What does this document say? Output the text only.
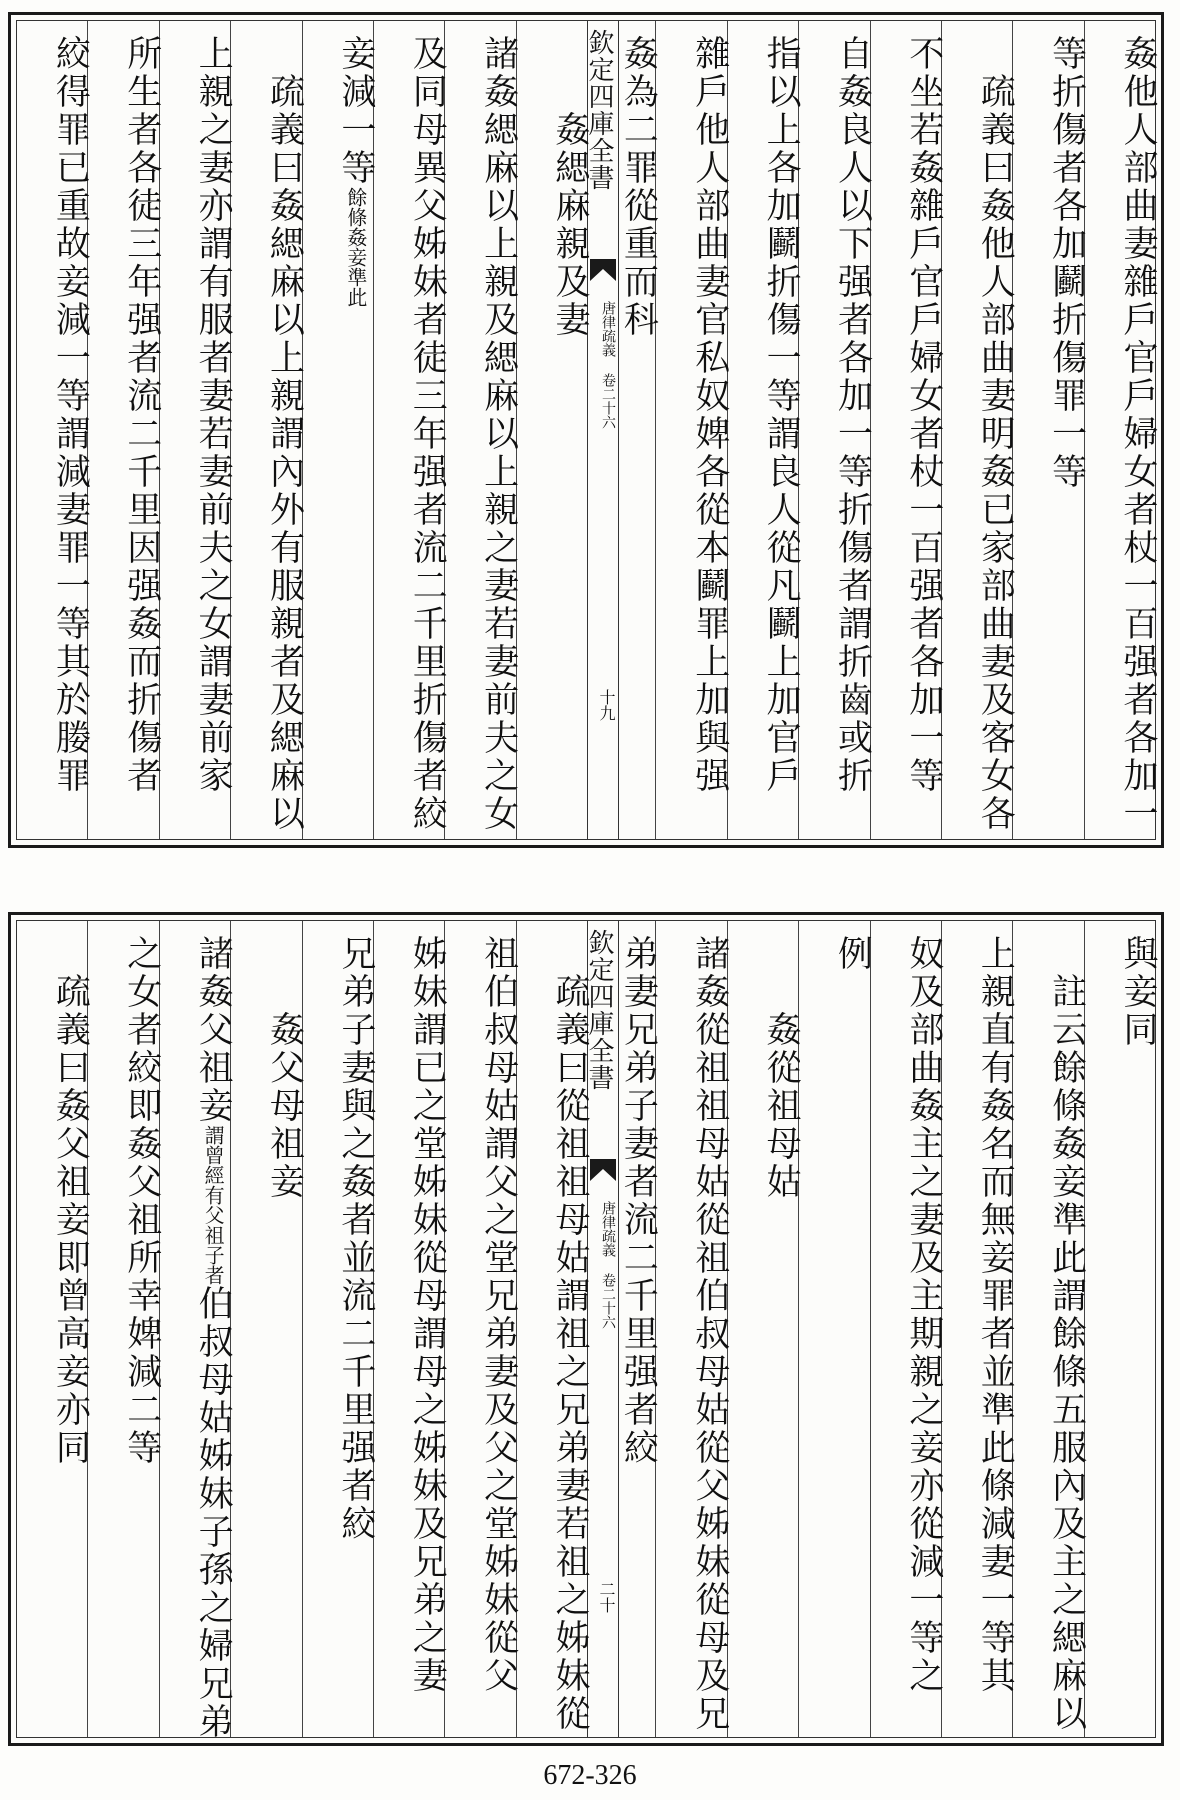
姦他人部曲妻雜戶官戶婦女者杖一百强者各加一
等折傷者各加鬬折傷罪一等
疏義曰姦他人部曲妻明姦已家部曲妻及客女各
不坐若姦雜戶官戶婦女者杖一百强者各加一等
自姦良人以下强者各加一等折傷者謂折齒或折
指以上各加鬬折傷一等謂良人從凡鬬上加官戶
雜戶他人部曲妻官私奴婢各從本鬬罪上加與强
姦為二罪從重而科
欽定四庫全書
唐律疏義
卷二十六
十九
姦緦麻親及妻
諸姦緦麻以上親及緦麻以上親之妻若妻前夫之女
及同母異父姊妹者徒三年强者流二千里折傷者絞
妾減一等餘條姦妾準此
疏義曰姦緦麻以上親謂內外有服親者及緦麻以
上親之妻亦謂有服者妻若妻前夫之女謂妻前家
所生者各徒三年强者流二千里因强姦而折傷者
絞得罪已重故妾減一等謂減妻罪一等其於媵罪
與妾同
註云餘條姦妾準此謂餘條五服內及主之緦麻以
上親直有姦名而無妾罪者並準此條減妻一等其
奴及部曲姦主之妻及主期親之妾亦從減一等之
例
姦從祖母姑
諸姦從祖祖母姑從祖伯叔母姑從父姊妹從母及兄
弟妻兄弟子妻者流二千里强者絞
欽定四庫全書
唐律疏義
卷二十六
二十
疏義曰從祖祖母姑謂祖之兄弟妻若祖之姊妹從
祖伯叔母姑謂父之堂兄弟妻及父之堂姊妹從父
姊妹謂已之堂姊妹從母謂母之姊妹及兄弟之妻
兄弟子妻與之姦者並流二千里强者絞
姦父母祖妾
諸姦父祖妾謂曾經有父祖子者伯叔母姑姊妹子孫之婦兄弟
之女者絞即姦父祖所幸婢減二等
疏義曰姦父祖妾即曾高妾亦同
672-326
